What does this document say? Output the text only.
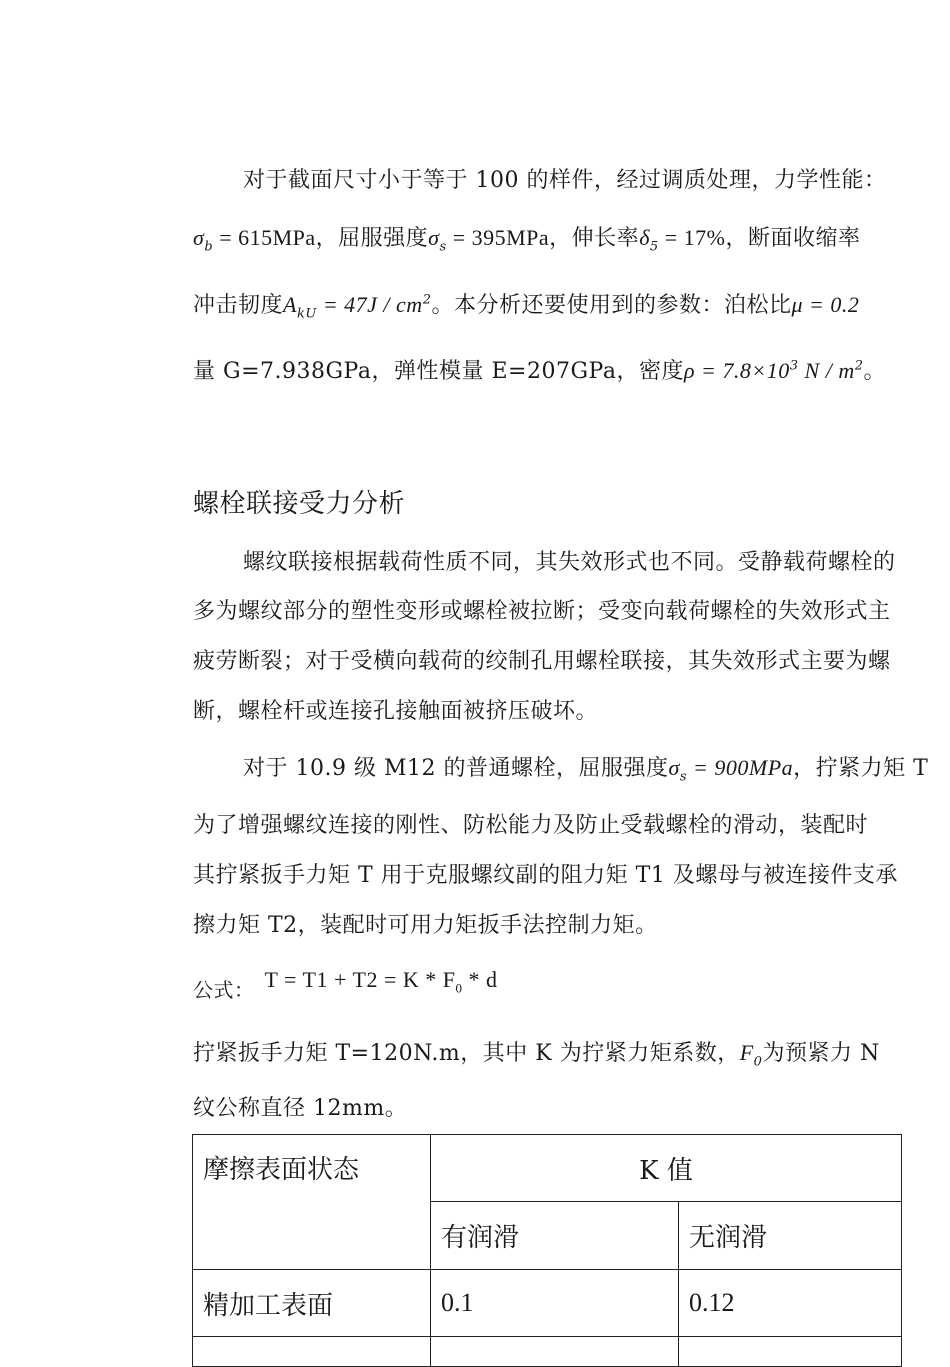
对于截面尺寸小于等于 100 的样件，经过调质处理，力学性能：
$\sigma_b = 615MPa$，屈服强度$\sigma_s = 395MPa$，伸长率$\delta_5 = 17\%$，断面收缩率
冲击韧度$A_{kU} = 47J / cm^2$。本分析还要使用到的参数：泊松比μ = 0.2
量 G=7.938GPa，弹性模量 E=207GPa，密度$\rho = 7.8\times 10^3$ N / $m^2$。
螺栓联接受力分析
螺纹联接根据载荷性质不同，其失效形式也不同。受静载荷螺栓的
多为螺纹部分的塑性变形或螺栓被拉断；受变向载荷螺栓的失效形式主
疲劳断裂；对于受横向载荷的绞制孔用螺栓联接，其失效形式主要为螺
断，螺栓杆或连接孔接触面被挤压破坏。
对于 10.9 级 M12 的普通螺栓，屈服强度$\sigma_s = 900MPa$，拧紧力矩 T
为了增强螺纹连接的刚性、防松能力及防止受载螺栓的滑动，装配时
其拧紧扳手力矩 T 用于克服螺纹副的阻力矩 T1 及螺母与被连接件支承
擦力矩 T2，装配时可用力矩扳手法控制力矩。
公式： $T = T1 + T2 = K * F_0 * d$
拧紧扳手力矩 T=120N.m，其中 K 为拧紧力矩系数，$F_0$为预紧力 N
纹公称直径 12mm。
摩擦表面状态	K 值	
	有润滑	无润滑
精加工表面	0.1	0.12
